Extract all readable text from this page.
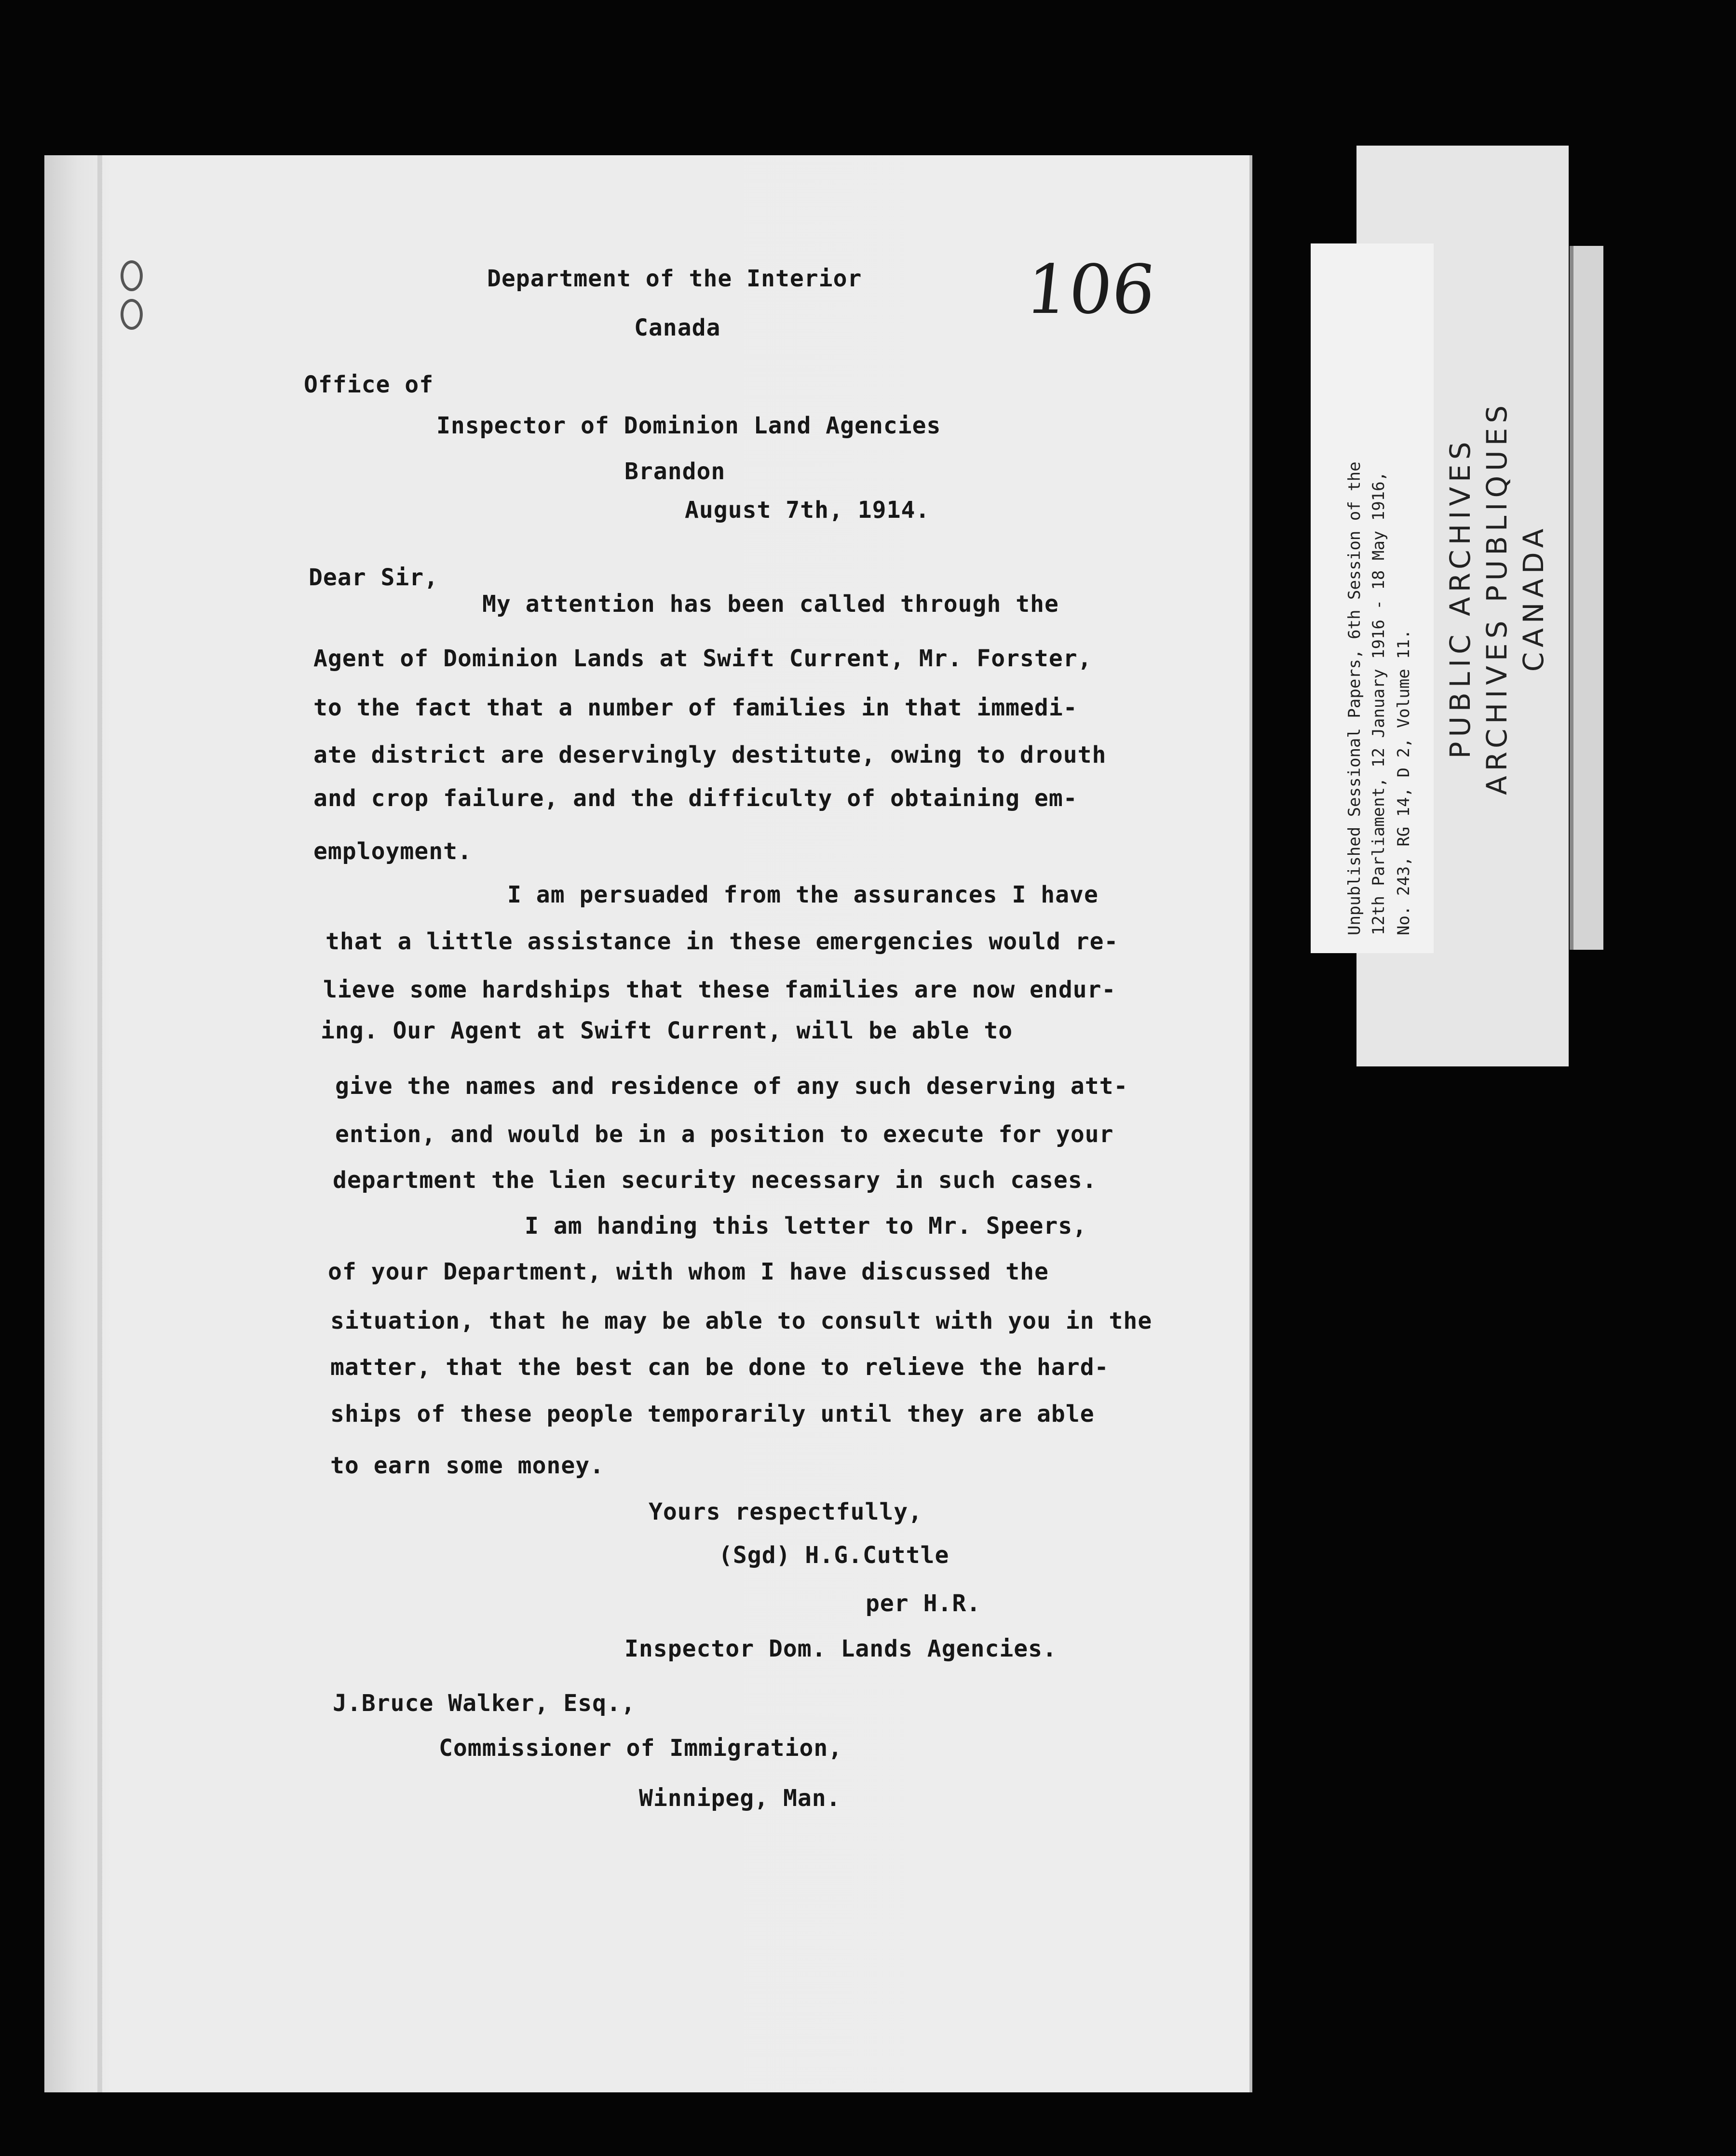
106
Department of the Interior
Canada
Office of
Inspector of Dominion Land Agencies
Brandon
August 7th, 1914.
Dear Sir,
My attention has been called through the
Agent of Dominion Lands at Swift Current, Mr. Forster,
to the fact that a number of families in that immedi-
ate district are deservingly destitute, owing to drouth
and crop failure, and the difficulty of obtaining em-
employment.
I am persuaded from the assurances I have
that a little assistance in these emergencies would re-
lieve some hardships that these families are now endur-
ing. Our Agent at Swift Current, will be able to
give the names and residence of any such deserving att-
ention, and would be in a position to execute for your
department the lien security necessary in such cases.
I am handing this letter to Mr. Speers,
of your Department, with whom I have discussed the
situation, that he may be able to consult with you in the
matter, that the best can be done to relieve the hard-
ships of these people temporarily until they are able
to earn some money.
Yours respectfully,
(Sgd) H.G.Cuttle
per H.R.
Inspector Dom. Lands Agencies.
J.Bruce Walker, Esq.,
Commissioner of Immigration,
Winnipeg, Man.
Unpublished Sessional Papers, 6th Session of the 12th Parliament, 12 January 1916 - 18 May 1916, No. 243, RG 14, D 2, Volume 11.
PUBLIC ARCHIVES ARCHIVES PUBLIQUES CANADA
